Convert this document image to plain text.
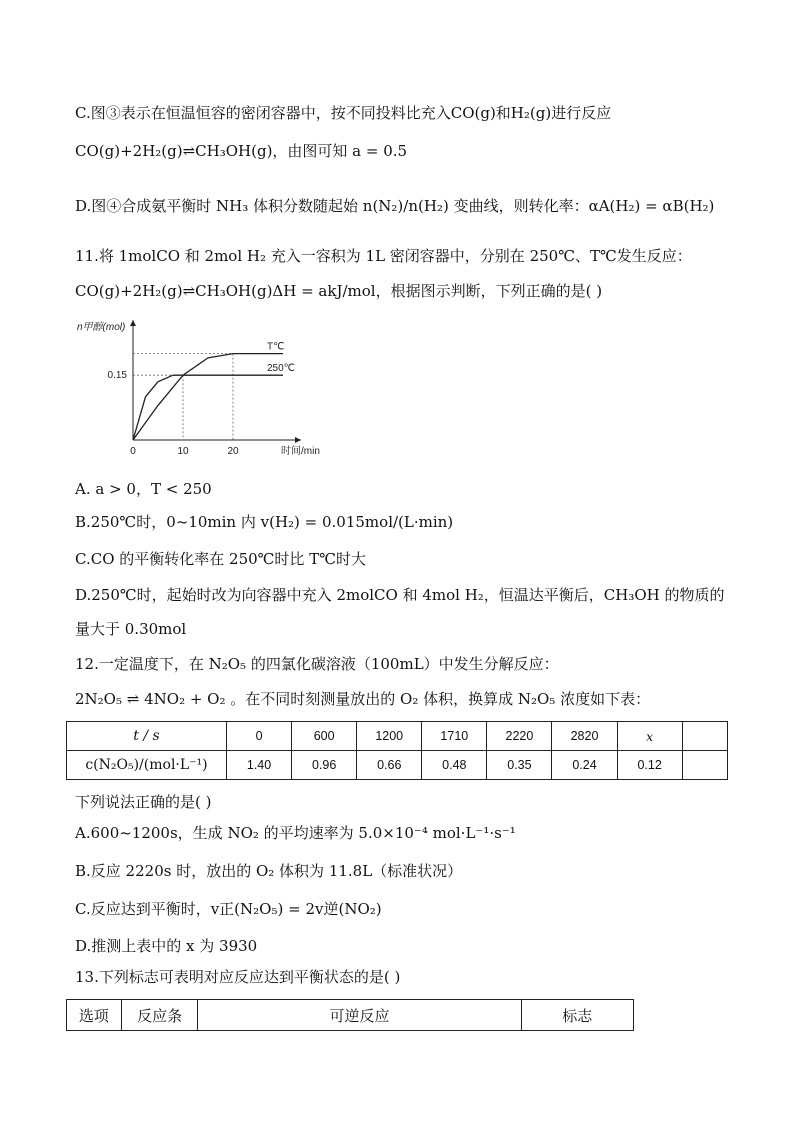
C.图③表示在恒温恒容的密闭容器中，按不同投料比充入CO(g)和H₂(g)进行反应
CO(g)+2H₂(g)⇌CH₃OH(g)，由图可知 a = 0.5
D.图④合成氨平衡时 NH₃ 体积分数随起始 n(N₂)/n(H₂) 变曲线，则转化率：αA(H₂) = αB(H₂)
11.将 1molCO 和 2mol H₂ 充入一容积为 1L 密闭容器中，分别在 250℃、T℃发生反应：
CO(g)+2H₂(g)⇌CH₃OH(g)ΔH = akJ/mol，根据图示判断，下列正确的是( )
T℃
250℃
0	10	20
0.15
时间/min
n甲醇(mol)
A. a > 0，T < 250
B.250℃时，0~10min 内 v(H₂) = 0.015mol/(L·min)
C.CO 的平衡转化率在 250℃时比 T℃时大
D.250℃时，起始时改为向容器中充入 2molCO 和 4mol H₂，恒温达平衡后，CH₃OH 的物质的
量大于 0.30mol
12.一定温度下，在 N₂O₅ 的四氯化碳溶液（100mL）中发生分解反应：
2N₂O₅ ⇌ 4NO₂ + O₂ 。在不同时刻测量放出的 O₂ 体积，换算成 N₂O₅ 浓度如下表：
t / s	0	600	1200	1710	2220	2820	x	
c(N₂O₅)/(mol·L⁻¹)	1.40	0.96	0.66	0.48	0.35	0.24	0.12	
下列说法正确的是( )
A.600~1200s，生成 NO₂ 的平均速率为 5.0×10⁻⁴ mol·L⁻¹·s⁻¹
B.反应 2220s 时，放出的 O₂ 体积为 11.8L（标准状况）
C.反应达到平衡时，v正(N₂O₅) = 2v逆(NO₂)
D.推测上表中的 x 为 3930
13.下列标志可表明对应反应达到平衡状态的是( )
选项	反应条	可逆反应	标志
